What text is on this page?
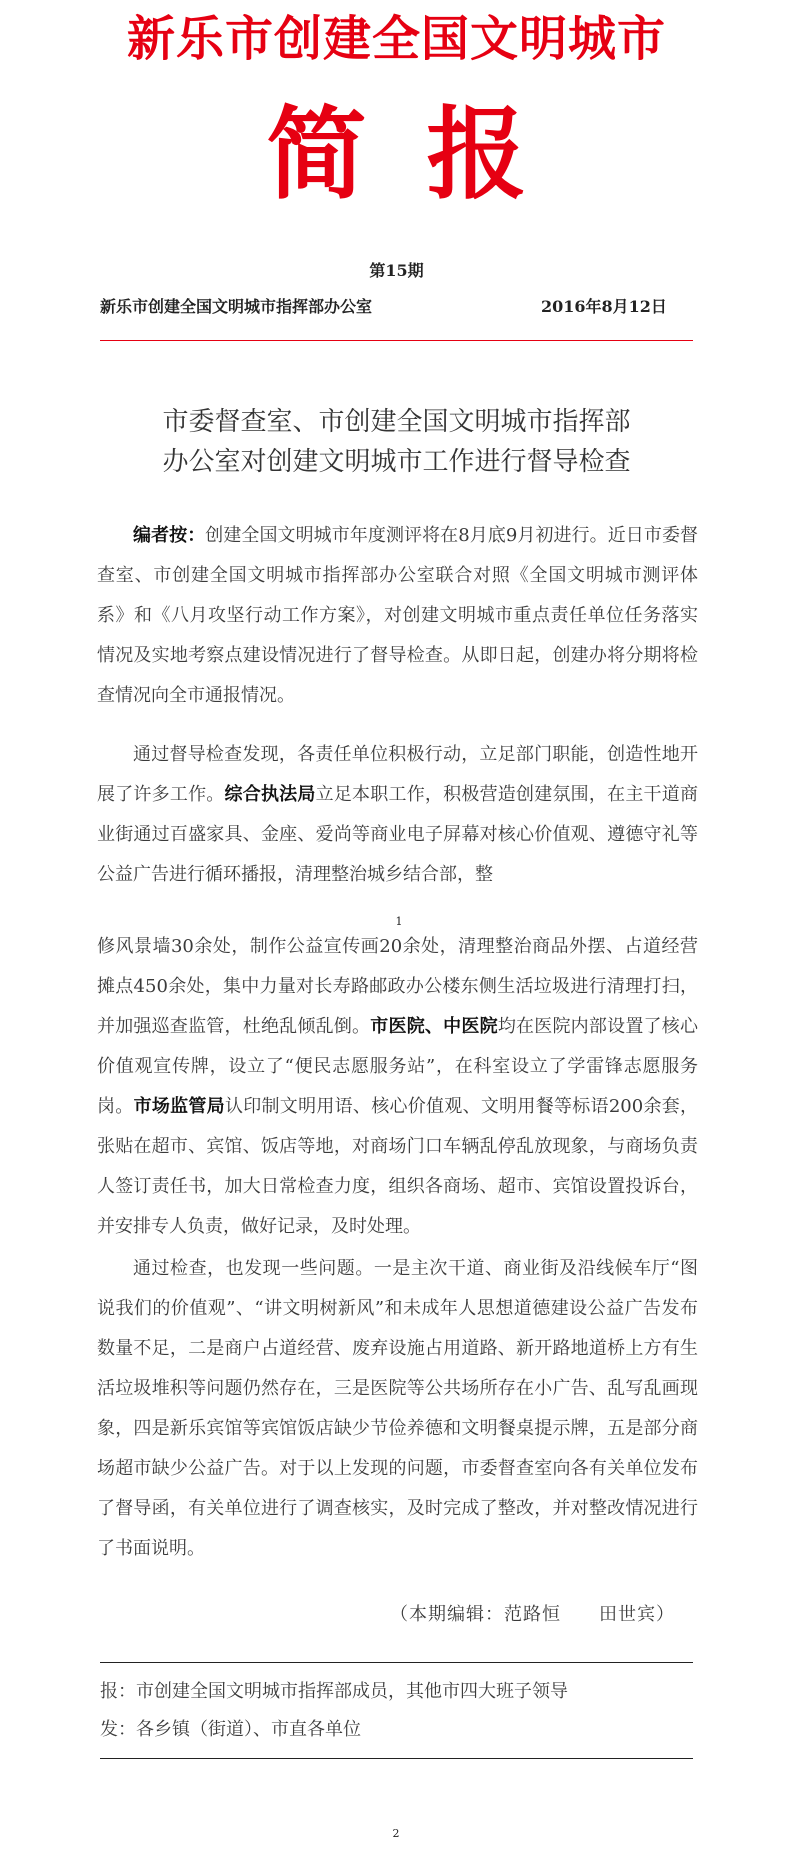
新乐市创建全国文明城市
简报
第15期
新乐市创建全国文明城市指挥部办公室	2016年8月12日
市委督查室、市创建全国文明城市指挥部
办公室对创建文明城市工作进行督导检查
编者按：创建全国文明城市年度测评将在8月底9月初进行。近日市委督查室、市创建全国文明城市指挥部办公室联合对照《全国文明城市测评体系》和《八月攻坚行动工作方案》，对创建文明城市重点责任单位任务落实情况及实地考察点建设情况进行了督导检查。从即日起，创建办将分期将检查情况向全市通报情况。
通过督导检查发现，各责任单位积极行动，立足部门职能，创造性地开展了许多工作。综合执法局立足本职工作，积极营造创建氛围，在主干道商业街通过百盛家具、金座、爱尚等商业电子屏幕对核心价值观、遵德守礼等公益广告进行循环播报，清理整治城乡结合部，整
1
修风景墙30余处，制作公益宣传画20余处，清理整治商品外摆、占道经营摊点450余处，集中力量对长寿路邮政办公楼东侧生活垃圾进行清理打扫，并加强巡查监管，杜绝乱倾乱倒。市医院、中医院均在医院内部设置了核心价值观宣传牌，设立了“便民志愿服务站”，在科室设立了学雷锋志愿服务岗。市场监管局认印制文明用语、核心价值观、文明用餐等标语200余套，张贴在超市、宾馆、饭店等地，对商场门口车辆乱停乱放现象，与商场负责人签订责任书，加大日常检查力度，组织各商场、超市、宾馆设置投诉台，并安排专人负责，做好记录，及时处理。
通过检查，也发现一些问题。一是主次干道、商业街及沿线候车厅“图说我们的价值观”、“讲文明树新风”和未成年人思想道德建设公益广告发布数量不足，二是商户占道经营、废弃设施占用道路、新开路地道桥上方有生活垃圾堆积等问题仍然存在，三是医院等公共场所存在小广告、乱写乱画现象，四是新乐宾馆等宾馆饭店缺少节俭养德和文明餐桌提示牌，五是部分商场超市缺少公益广告。对于以上发现的问题，市委督查室向各有关单位发布了督导函，有关单位进行了调查核实，及时完成了整改，并对整改情况进行了书面说明。
（本期编辑：范路恒　　田世宾）
报：市创建全国文明城市指挥部成员，其他市四大班子领导
发：各乡镇（街道）、市直各单位
2
